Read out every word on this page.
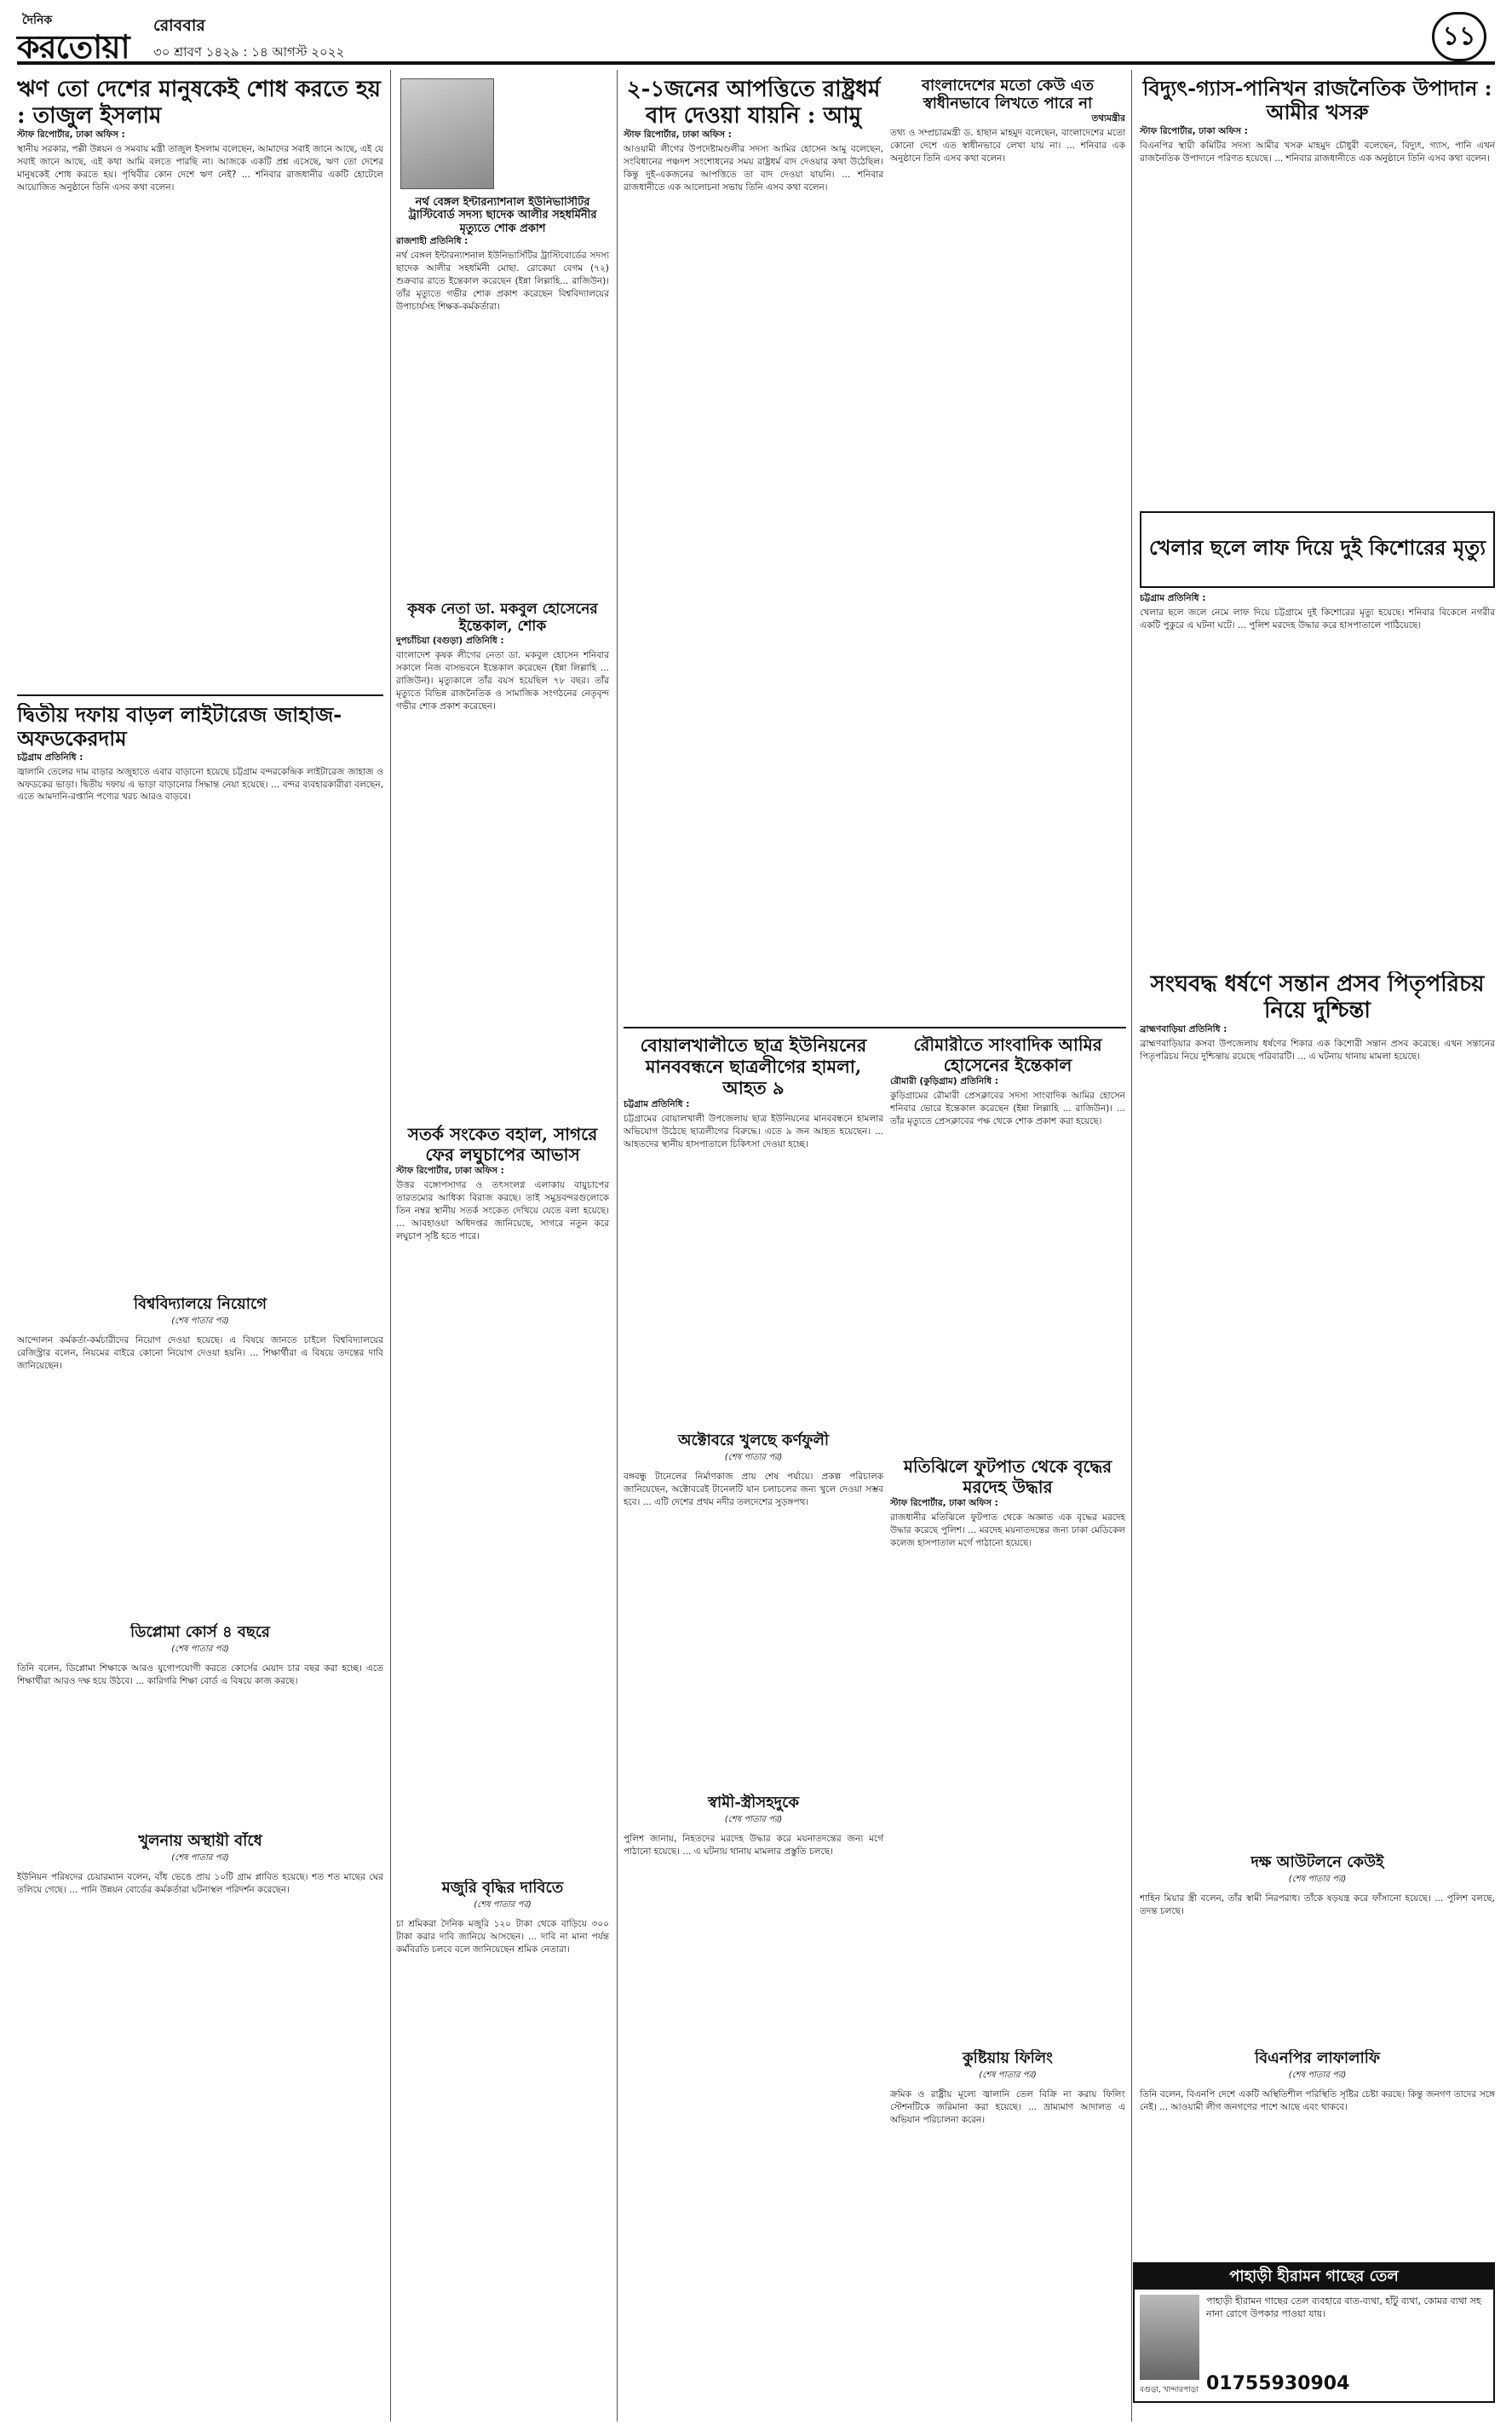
দৈনিক
করতোয়া
রোববার
৩০ শ্রাবণ ১৪২৯ : ১৪ আগস্ট ২০২২
১১
ঋণ তো দেশের মানুষকেই শোধ করতে হয় : তাজুল ইসলাম
স্টাফ রিপোর্টার, ঢাকা অফিস :
স্থানীয় সরকার, পল্লী উন্নয়ন ও সমবায় মন্ত্রী তাজুল ইসলাম বলেছেন, আমাদের সবাই জানে আছে, এই যে সবাই জানে আছে, এই কথা আমি বলতে পারছি না। আজকে একটি প্রশ্ন এসেছে, ঋণ তো দেশের মানুষকেই শোধ করতে হয়। পৃথিবীর কোন দেশে ঋণ নেই? ... শনিবার রাজধানীর একটি হোটেলে আয়োজিত অনুষ্ঠানে তিনি এসব কথা বলেন।
দ্বিতীয় দফায় বাড়ল লাইটারেজ জাহাজ-অফডকেরদাম
চট্টগ্রাম প্রতিনিধি :
জ্বালানি তেলের দাম বাড়ার অজুহাতে এবার বাড়ানো হয়েছে চট্টগ্রাম বন্দরকেন্দ্রিক লাইটারেজ জাহাজ ও অফডকের ভাড়া। দ্বিতীয় দফায় এ ভাড়া বাড়ানোর সিদ্ধান্ত নেয়া হয়েছে। ... বন্দর ব্যবহারকারীরা বলছেন, এতে আমদানি-রপ্তানি পণ্যের খরচ আরও বাড়বে।
বিশ্ববিদ্যালয়ে নিয়োগে
(শেষ পাতার পর)
আন্দোলন কর্মকর্তা-কর্মচারীদের নিয়োগ দেওয়া হয়েছে। এ বিষয়ে জানতে চাইলে বিশ্ববিদ্যালয়ের রেজিস্ট্রার বলেন, নিয়মের বাইরে কোনো নিয়োগ দেওয়া হয়নি। ... শিক্ষার্থীরা এ বিষয়ে তদন্তের দাবি জানিয়েছেন।
ডিপ্লোমা কোর্স ৪ বছরে
(শেষ পাতার পর)
তিনি বলেন, ডিপ্লোমা শিক্ষাকে আরও যুগোপযোগী করতে কোর্সের মেয়াদ চার বছর করা হচ্ছে। এতে শিক্ষার্থীরা আরও দক্ষ হয়ে উঠবে। ... কারিগরি শিক্ষা বোর্ড এ বিষয়ে কাজ করছে।
খুলনায় অস্থায়ী বাঁধে
(শেষ পাতার পর)
ইউনিয়ন পরিষদের চেয়ারম্যান বলেন, বাঁধ ভেঙে প্রায় ১০টি গ্রাম প্লাবিত হয়েছে। শত শত মাছের ঘের তলিয়ে গেছে। ... পানি উন্নয়ন বোর্ডের কর্মকর্তারা ঘটনাস্থল পরিদর্শন করেছেন।
নর্থ বেঙ্গল ইন্টারন্যাশনাল ইউনিভার্সিটির ট্রাস্টিবোর্ড সদস্য ছাদেক আলীর সহধর্মিনীর মৃত্যুতে শোক প্রকাশ
রাজশাহী প্রতিনিধি :
নর্থ বেঙ্গল ইন্টারন্যাশনাল ইউনিভার্সিটির ট্রাস্টিবোর্ডের সদস্য ছাদেক আলীর সহধর্মিনী মোছা. রোকেয়া বেগম (৭২) শুক্রবার রাতে ইন্তেকাল করেছেন (ইন্না লিল্লাহি... রাজিউন)। তাঁর মৃত্যুতে গভীর শোক প্রকাশ করেছেন বিশ্ববিদ্যালয়ের উপাচার্যসহ শিক্ষক-কর্মকর্তারা।
কৃষক নেতা ডা. মকবুল হোসেনের ইন্তেকাল, শোক
দুপচাঁচিয়া (বগুড়া) প্রতিনিধি :
বাংলাদেশ কৃষক লীগের নেতা ডা. মকবুল হোসেন শনিবার সকালে নিজ বাসভবনে ইন্তেকাল করেছেন (ইন্না লিল্লাহি ... রাজিউন)। মৃত্যুকালে তাঁর বয়স হয়েছিল ৭৮ বছর। তাঁর মৃত্যুতে বিভিন্ন রাজনৈতিক ও সামাজিক সংগঠনের নেতৃবৃন্দ গভীর শোক প্রকাশ করেছেন।
সতর্ক সংকেত বহাল, সাগরে ফের লঘুচাপের আভাস
স্টাফ রিপোর্টার, ঢাকা অফিস :
উত্তর বঙ্গোপসাগর ও তৎসংলগ্ন এলাকায় বায়ুচাপের তারতম্যের আধিক্য বিরাজ করছে। তাই সমুদ্রবন্দরগুলোকে তিন নম্বর স্থানীয় সতর্ক সংকেত দেখিয়ে যেতে বলা হয়েছে। ... আবহাওয়া অধিদপ্তর জানিয়েছে, সাগরে নতুন করে লঘুচাপ সৃষ্টি হতে পারে।
মজুরি বৃদ্ধির দাবিতে
(শেষ পাতার পর)
চা শ্রমিকরা দৈনিক মজুরি ১২০ টাকা থেকে বাড়িয়ে ৩০০ টাকা করার দাবি জানিয়ে আসছেন। ... দাবি না মানা পর্যন্ত কর্মবিরতি চলবে বলে জানিয়েছেন শ্রমিক নেতারা।
২-১জনের আপত্তিতে রাষ্ট্রধর্ম বাদ দেওয়া যায়নি : আমু
স্টাফ রিপোর্টার, ঢাকা অফিস :
আওয়ামী লীগের উপদেষ্টামণ্ডলীর সদস্য আমির হোসেন আমু বলেছেন, সংবিধানের পঞ্চদশ সংশোধনের সময় রাষ্ট্রধর্ম বাদ দেওয়ার কথা উঠেছিল। কিন্তু দুই-একজনের আপত্তিতে তা বাদ দেওয়া যায়নি। ... শনিবার রাজধানীতে এক আলোচনা সভায় তিনি এসব কথা বলেন।
বাংলাদেশের মতো কেউ এত স্বাধীনভাবে লিখতে পারে না
তথ্যমন্ত্রীর
তথ্য ও সম্প্রচারমন্ত্রী ড. হাছান মাহমুদ বলেছেন, বাংলাদেশের মতো কোনো দেশে এত স্বাধীনভাবে লেখা যায় না। ... শনিবার এক অনুষ্ঠানে তিনি এসব কথা বলেন।
বোয়ালখালীতে ছাত্র ইউনিয়নের মানববন্ধনে ছাত্রলীগের হামলা, আহত ৯
চট্টগ্রাম প্রতিনিধি :
চট্টগ্রামের বোয়ালখালী উপজেলায় ছাত্র ইউনিয়নের মানববন্ধনে হামলার অভিযোগ উঠেছে ছাত্রলীগের বিরুদ্ধে। এতে ৯ জন আহত হয়েছেন। ... আহতদের স্থানীয় হাসপাতালে চিকিৎসা দেওয়া হচ্ছে।
অক্টোবরে খুলছে কর্ণফুলী
(শেষ পাতার পর)
বঙ্গবন্ধু টানেলের নির্মাণকাজ প্রায় শেষ পর্যায়ে। প্রকল্প পরিচালক জানিয়েছেন, অক্টোবরেই টানেলটি যান চলাচলের জন্য খুলে দেওয়া সম্ভব হবে। ... এটি দেশের প্রথম নদীর তলদেশের সুড়ঙ্গপথ।
স্বামী-স্ত্রীসহদুকে
(শেষ পাতার পর)
পুলিশ জানায়, নিহতদের মরদেহ উদ্ধার করে ময়নাতদন্তের জন্য মর্গে পাঠানো হয়েছে। ... এ ঘটনায় থানায় মামলার প্রস্তুতি চলছে।
রৌমারীতে সাংবাদিক আমির হোসেনের ইন্তেকাল
রৌমারী (কুড়িগ্রাম) প্রতিনিধি :
কুড়িগ্রামের রৌমারী প্রেসক্লাবের সদস্য সাংবাদিক আমির হোসেন শনিবার ভোরে ইন্তেকাল করেছেন (ইন্না লিল্লাহি ... রাজিউন)। ... তাঁর মৃত্যুতে প্রেসক্লাবের পক্ষ থেকে শোক প্রকাশ করা হয়েছে।
মতিঝিলে ফুটপাত থেকে বৃদ্ধের মরদেহ উদ্ধার
স্টাফ রিপোর্টার, ঢাকা অফিস :
রাজধানীর মতিঝিলে ফুটপাত থেকে অজ্ঞাত এক বৃদ্ধের মরদেহ উদ্ধার করেছে পুলিশ। ... মরদেহ ময়নাতদন্তের জন্য ঢাকা মেডিকেল কলেজ হাসপাতাল মর্গে পাঠানো হয়েছে।
কুষ্টিয়ায় ফিলিং
(শেষ পাতার পর)
ক্রমিক ও রাষ্ট্রীয় মূল্যে জ্বালানি তেল বিক্রি না করায় ফিলিং স্টেশনটিকে জরিমানা করা হয়েছে। ... ভ্রাম্যমাণ আদালত এ অভিযান পরিচালনা করেন।
বিদ্যুৎ-গ্যাস-পানিখন রাজনৈতিক উপাদান : আমীর খসরু
স্টাফ রিপোর্টার, ঢাকা অফিস :
বিএনপির স্থায়ী কমিটির সদস্য আমীর খসরু মাহমুদ চৌধুরী বলেছেন, বিদ্যুৎ, গ্যাস, পানি এখন রাজনৈতিক উপাদানে পরিণত হয়েছে। ... শনিবার রাজধানীতে এক অনুষ্ঠানে তিনি এসব কথা বলেন।
খেলার ছলে লাফ দিয়ে দুই কিশোরের মৃত্যু
চট্টগ্রাম প্রতিনিধি :
খেলার ছলে জলে নেমে লাফ দিয়ে চট্টগ্রামে দুই কিশোরের মৃত্যু হয়েছে। শনিবার বিকেলে নগরীর একটি পুকুরে এ ঘটনা ঘটে। ... পুলিশ মরদেহ উদ্ধার করে হাসপাতালে পাঠিয়েছে।
সংঘবদ্ধ ধর্ষণে সন্তান প্রসব পিতৃপরিচয় নিয়ে দুশ্চিন্তা
ব্রাহ্মণবাড়িয়া প্রতিনিধি :
ব্রাহ্মণবাড়িয়ার কসবা উপজেলায় ধর্ষণের শিকার এক কিশোরী সন্তান প্রসব করেছে। এখন সন্তানের পিতৃপরিচয় নিয়ে দুশ্চিন্তায় রয়েছে পরিবারটি। ... এ ঘটনায় থানায় মামলা হয়েছে।
দক্ষ আউটলনে কেউই
(শেষ পাতার পর)
শাহিন মিয়ার স্ত্রী বলেন, তাঁর স্বামী নিরপরাধ। তাঁকে ষড়যন্ত্র করে ফাঁসানো হয়েছে। ... পুলিশ বলছে, তদন্ত চলছে।
বিএনপির লাফালাফি
(শেষ পাতার পর)
তিনি বলেন, বিএনপি দেশে একটি অস্থিতিশীল পরিস্থিতি সৃষ্টির চেষ্টা করছে। কিন্তু জনগণ তাদের সঙ্গে নেই। ... আওয়ামী লীগ জনগণের পাশে আছে এবং থাকবে।
পাহাড়ী হীরামন গাছের তেল
পাহাড়ী হীরামন গাছের তেল ব্যবহারে বাত-ব্যথা, হাঁটু ব্যথা, কোমর ব্যথা সহ নানা রোগে উপকার পাওয়া যায়।
01755930904
বগুড়া, খান্দারপাড়া
